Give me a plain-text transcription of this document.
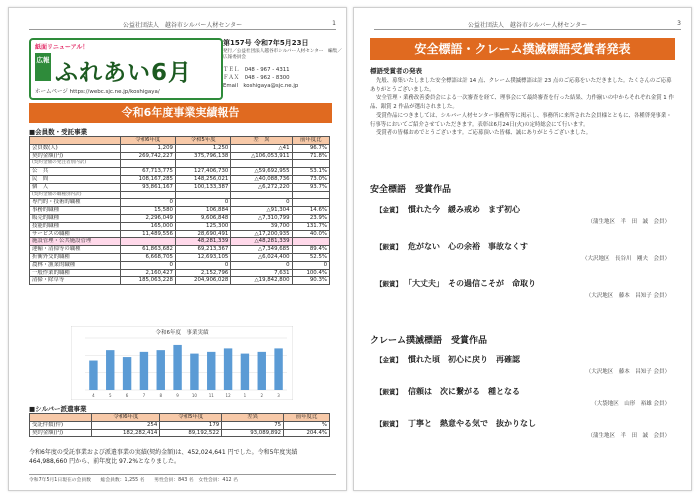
公益社団法人　越谷市シルバー人材センター	1
紙面リニューアル！
広報 ふれあい6月
ホームページ https://webc.sjc.ne.jp/koshigaya/
第157号 令和7年5月23日
発行／公益社団法人越谷市シルバー人材センター　編集／広報委員会
ＴＥＬ　048 - 967 - 4311
ＦＡＸ　048 - 962 - 8300
Email　koshigaya@sjc.ne.jp
令和6年度事業実績報告
■会員数・受託事業
	令和6年度	令和5年度	差　異	前年度比
会員数(人)	1,209	1,250	△41	96.7%
契約金額(円)	269,742,227	375,796,138	△106,053,911	71.8%
(契約金額の発注者別内訳)				
公　共	67,713,775	127,406,730	△59,692,955	53.1%
民　間	108,167,285	148,256,021	△40,088,736	73.0%
個　人	93,861,167	100,133,387	△6,272,220	93.7%
(契約金額の職種別内訳)				
専門的・技術的職種	0	0	0	
事務的職種	15,580	106,884	△91,304	14.6%
販売的職種	2,296,049	9,606,848	△7,310,799	23.9%
技能的職種	165,000	125,300	39,700	131.7%
サービスの職種	11,489,556	28,690,491	△17,200,935	40.0%
施設管理・公共施設管理		48,281,339	△48,281,339	
運輸・清掃等の職種	61,863,682	69,213,367	△7,349,685	89.4%
折衝外交的職種	6,668,705	12,693,105	△6,024,400	52.5%
農林・漁業的職種	0	0	0	0
一般作業的職種	2,160,427	2,152,796	7,631	100.4%
清掃・除草等	185,063,228	204,906,028	△19,842,800	90.3%
令和6年度　事業実績
4	5	6	7	8	9	10	11	12	1	2	3
■シルバー派遣事業
	令和6年度	令和5年度	差異	前年度比
受託件数(件)	254	179	75	%
契約金額(円)	182,282,414	89,192,522	93,089,892	204.4%
令和6年度の受託事業および派遣事業の実績(契約金額)は、452,024,641 円でした。令和5年度実績 464,988,660 円から、前年度比 97.2%となりました。
令和7年5月1日現在の会員数　　総会員数：1,255 名　　男性会員：843 名　女性会員：412 名
公益社団法人　越谷市シルバー人材センター	3
安全標語・クレーム撲滅標語受賞者発表
標語受賞者の発表

先般、募集いたしました安全標語は計 14 点、クレーム撲滅標語は計 23 点のご応募をいただきました。たくさんのご応募ありがとうございました。

安全管理・業務改善委員会による一次審査を経て、理事会にて最終審査を行った結果、力作揃いの中からそれぞれ金賞 1 作品、銀賞 2 作品が選出されました。

受賞作品につきましては、シルバー人材センター事務所等に掲示し、事務所に来所された会員様とともに、各種啓発事業・行事等においてご紹介させていただきます。表彰は6月24日(火)の定時総会にて行います。

受賞者の皆様おめでとうございます。ご応募頂いた皆様、誠にありがとうございました。

安全標語　受賞作品
【金賞】 慣れた今　緩み戒め　まず初心
（蒲生地区　半　田　誠　会員）
【銀賞】 危がない　心の余裕　事故なくす
（大沢地区　長谷川　剛夫　会員）
【銀賞】 「大丈夫」　その過信こそが　命取り
（大沢地区　藤本　昌知子 会員）
クレーム撲滅標語　受賞作品
【金賞】 慣れた頃　初心に戻り　再確認
（大沢地区　藤本　昌知子 会員）
【銀賞】 信頼は　次に繋がる　種となる
（大袋地区　山形　裕雄 会員）
【銀賞】 丁寧と　熱意やる気で　抜かりなし
（蒲生地区　半　田　誠　会員）
